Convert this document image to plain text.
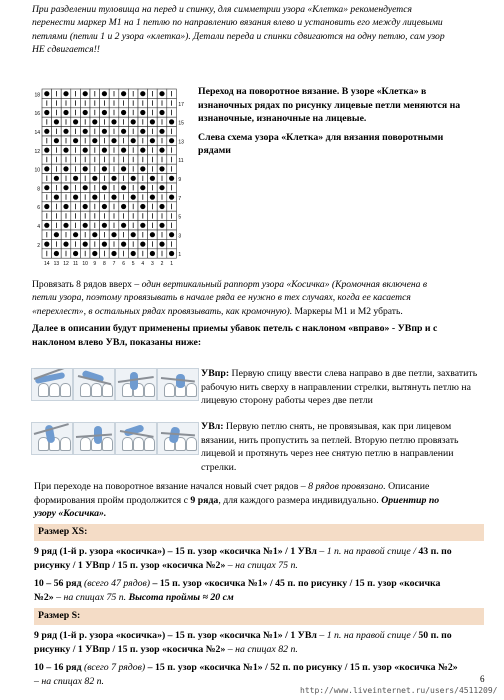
При разделении туловища на перед и спинку, для симметрии узора «Клетка» рекомендуется
перенести маркер М1 на 1 петлю по направлению вязания влево и установить его между лицевыми
петлями (петли 1 и 2 узора «клетка»). Детали переда и спинки сдвигаются на одну петлю, сам узор
НЕ сдвигается!!
18
16
14
12
10
8
6
4
2
17
15
13
11
9
7
5
3
1
14 13 12 11 10 9 8 7 6 5 4 3 2 1
Переход на поворотное вязание. В узоре «Клетка» в
изнаночных рядах по рисунку лицевые петли меняются на
изнаночные, изнаночные на лицевые.
Слева схема узора «Клетка» для вязания поворотными
рядами
Провязать 8 рядов вверх – один вертикальный раппорт узора «Косичка» (Кромочная включена в
петли узора, поэтому провязывать в начале ряда ее нужно в тех случаях, когда ее касается
«перехлест», в остальных рядах провязывать, как кромочную). Маркеры М1 и М2 убрать.
Далее в описании будут применены приемы убавок петель с наклоном «вправо» - УВпр и с
наклоном влево УВл, показаны ниже:
УВпр: Первую спицу ввести слева направо в две петли, захватить
рабочую нить сверху в направлении стрелки, вытянуть петлю на
лицевую сторону работы через две петли
УВл: Первую петлю снять, не провязывая, как при лицевом
вязании, нить пропустить за петлей. Вторую петлю провязать
лицевой и протянуть через нее снятую петлю в направлении
стрелки.
При переходе на поворотное вязание начался новый счет рядов – 8 рядов провязано. Описание
формирования пройм продолжится с 9 ряда, для каждого размера индивидуально. Ориентир по
узору «Косичка».
Размер XS:
9 ряд (1-й р. узора «косичка») – 15 п. узор «косичка №1» / 1 УВл – 1 п. на правой спице / 43 п. по
рисунку / 1 УВпр / 15 п. узор «косичка №2» – на спицах 75 п.
10 – 56 ряд (всего 47 рядов) – 15 п. узор «косичка №1» / 45 п. по рисунку / 15 п. узор «косичка
№2» – на спицах 75 п. Высота проймы ≈ 20 см
Размер S:
9 ряд (1-й р. узора «косичка») – 15 п. узор «косичка №1» / 1 УВл – 1 п. на правой спице / 50 п. по
рисунку / 1 УВпр / 15 п. узор «косичка №2» – на спицах 82 п.
10 – 16 ряд (всего 7 рядов) – 15 п. узор «косичка №1» / 52 п. по рисунку / 15 п. узор «косичка №2»
– на спицах 82 п.	6
http://www.liveinternet.ru/users/4511209/
